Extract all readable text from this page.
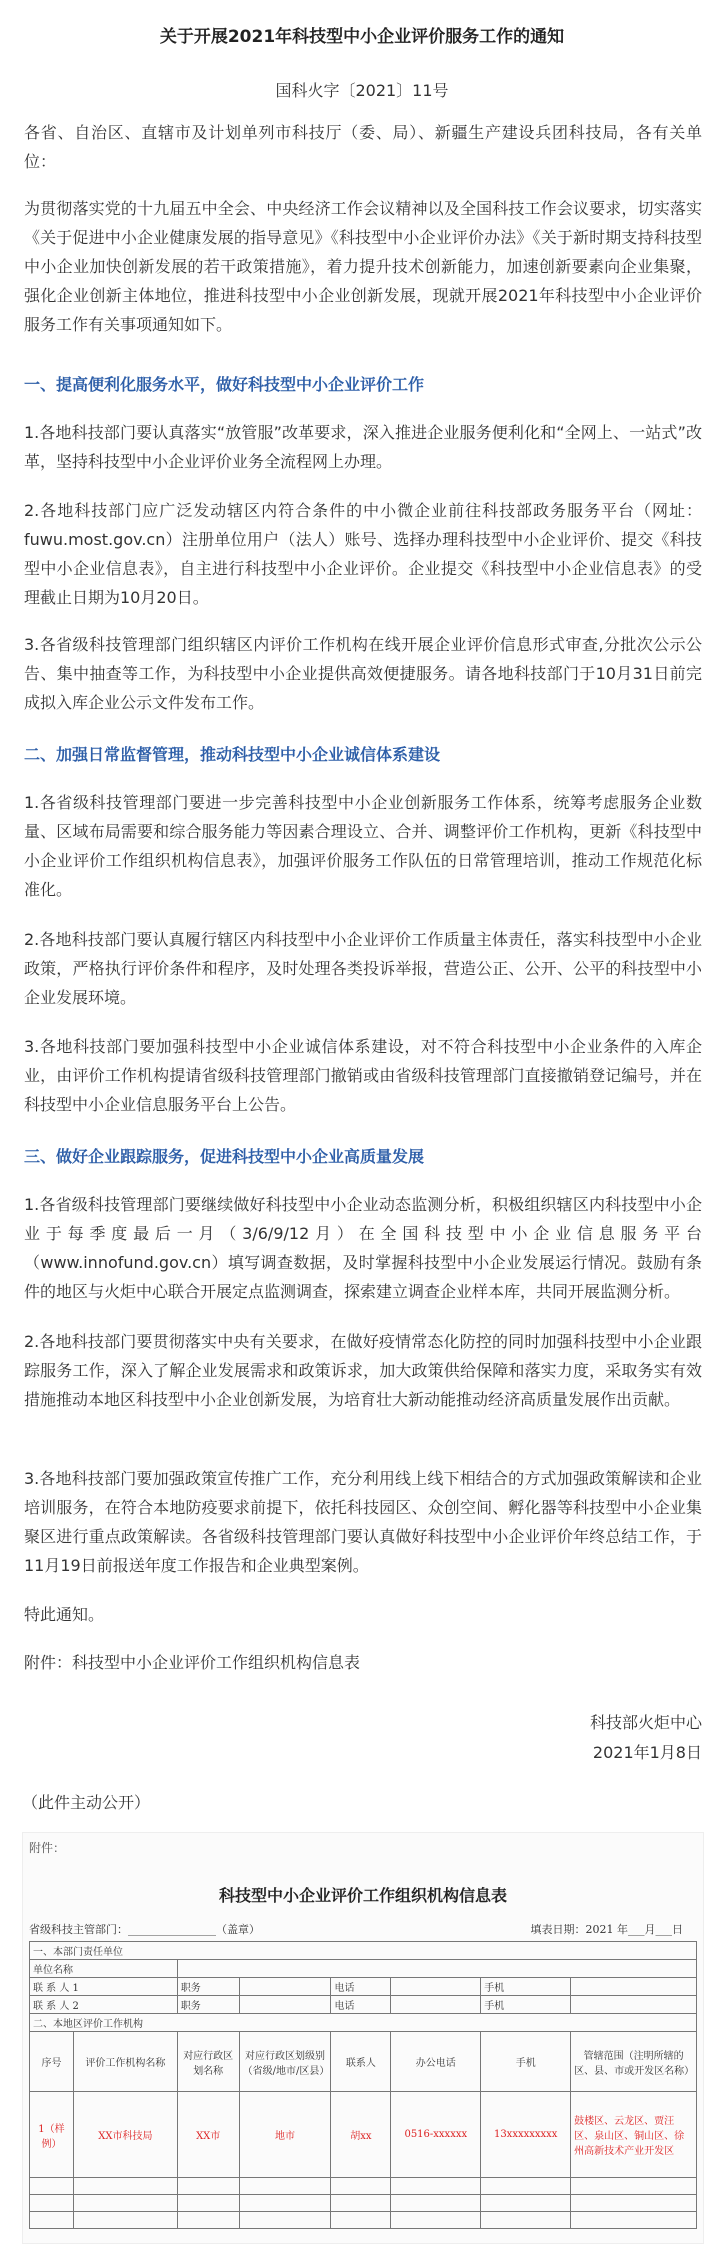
关于开展2021年科技型中小企业评价服务工作的通知
国科火字〔2021〕11号

各省、自治区、直辖市及计划单列市科技厅（委、局）、新疆生产建设兵团科技局，各有关单位：

为贯彻落实党的十九届五中全会、中央经济工作会议精神以及全国科技工作会议要求，切实落实《关于促进中小企业健康发展的指导意见》《科技型中小企业评价办法》《关于新时期支持科技型中小企业加快创新发展的若干政策措施》，着力提升技术创新能力，加速创新要素向企业集聚，强化企业创新主体地位，推进科技型中小企业创新发展，现就开展2021年科技型中小企业评价服务工作有关事项通知如下。

一、提高便利化服务水平，做好科技型中小企业评价工作

1.各地科技部门要认真落实“放管服”改革要求，深入推进企业服务便利化和“全网上、一站式”改革，坚持科技型中小企业评价业务全流程网上办理。

2.各地科技部门应广泛发动辖区内符合条件的中小微企业前往科技部政务服务平台（网址：fuwu.most.gov.cn）注册单位用户（法人）账号、选择办理科技型中小企业评价、提交《科技型中小企业信息表》，自主进行科技型中小企业评价。企业提交《科技型中小企业信息表》的受理截止日期为10月20日。

3.各省级科技管理部门组织辖区内评价工作机构在线开展企业评价信息形式审查,分批次公示公告、集中抽查等工作，为科技型中小企业提供高效便捷服务。请各地科技部门于10月31日前完成拟入库企业公示文件发布工作。

二、加强日常监督管理，推动科技型中小企业诚信体系建设

1.各省级科技管理部门要进一步完善科技型中小企业创新服务工作体系，统筹考虑服务企业数量、区域布局需要和综合服务能力等因素合理设立、合并、调整评价工作机构，更新《科技型中小企业评价工作组织机构信息表》，加强评价服务工作队伍的日常管理培训，推动工作规范化标准化。

2.各地科技部门要认真履行辖区内科技型中小企业评价工作质量主体责任，落实科技型中小企业政策，严格执行评价条件和程序，及时处理各类投诉举报，营造公正、公开、公平的科技型中小企业发展环境。

3.各地科技部门要加强科技型中小企业诚信体系建设，对不符合科技型中小企业条件的入库企业，由评价工作机构提请省级科技管理部门撤销或由省级科技管理部门直接撤销登记编号，并在科技型中小企业信息服务平台上公告。

三、做好企业跟踪服务，促进科技型中小企业高质量发展

1.各省级科技管理部门要继续做好科技型中小企业动态监测分析，积极组织辖区内科技型中小企业于每季度最后一月（3/6/9/12月）在全国科技型中小企业信息服务平台（www.innofund.gov.cn）填写调查数据，及时掌握科技型中小企业发展运行情况。鼓励有条件的地区与火炬中心联合开展定点监测调查，探索建立调查企业样本库，共同开展监测分析。

2.各地科技部门要贯彻落实中央有关要求，在做好疫情常态化防控的同时加强科技型中小企业跟踪服务工作，深入了解企业发展需求和政策诉求，加大政策供给保障和落实力度，采取务实有效措施推动本地区科技型中小企业创新发展，为培育壮大新动能推动经济高质量发展作出贡献。

3.各地科技部门要加强政策宣传推广工作，充分利用线上线下相结合的方式加强政策解读和企业培训服务，在符合本地防疫要求前提下，依托科技园区、众创空间、孵化器等科技型中小企业集聚区进行重点政策解读。各省级科技管理部门要认真做好科技型中小企业评价年终总结工作，于11月19日前报送年度工作报告和企业典型案例。

特此通知。

附件：科技型中小企业评价工作组织机构信息表

科技部火炬中心
2021年1月8日
（此件主动公开）
附件：
科技型中小企业评价工作组织机构信息表
省级科技主管部门：________________（盖章）	填表日期：2021 年___月___日
一、本部门责任单位							
单位名称							
联 系 人 1		职务		电话		手机	
联 系 人 2		职务		电话		手机	
二、本地区评价工作机构							
序号	评价工作机构名称	对应行政区划名称	对应行政区划级别（省级/地市/区县）	联系人	办公电话	手机	管辖范围（注明所辖的区、县、市或开发区名称）
1（样例）	XX市科技局	XX市	地市	胡xx	0516-xxxxxx	13xxxxxxxxx	鼓楼区、云龙区、贾汪区、泉山区、铜山区、徐州高新技术产业开发区
